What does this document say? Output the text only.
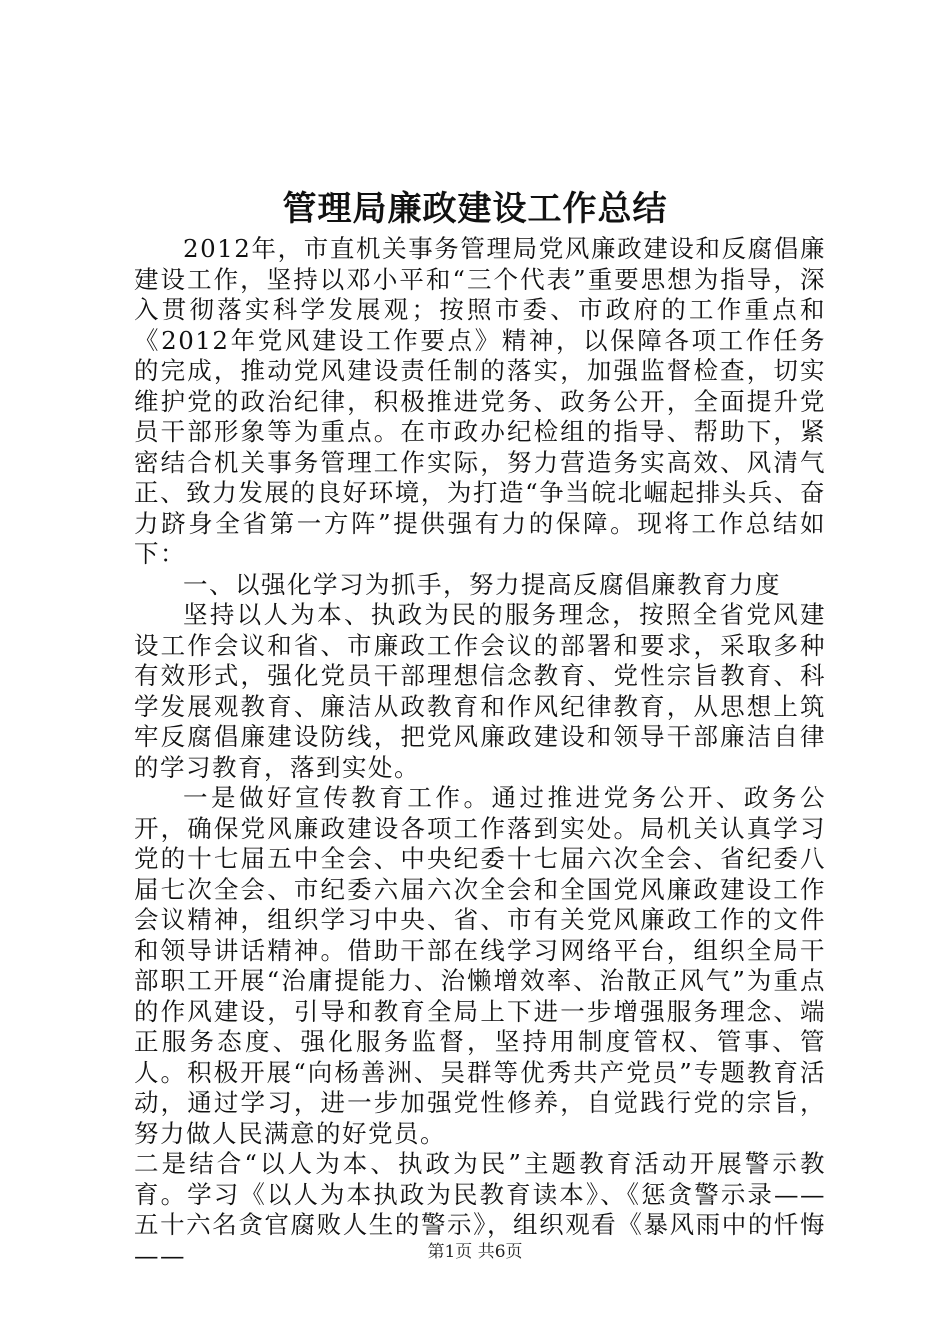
管理局廉政建设工作总结

2012年，市直机关事务管理局党风廉政建设和反腐倡廉建设工作，坚持以邓小平和“三个代表”重要思想为指导，深入贯彻落实科学发展观；按照市委、市政府的工作重点和《2012年党风建设工作要点》精神，以保障各项工作任务的完成，推动党风建设责任制的落实，加强监督检查，切实维护党的政治纪律，积极推进党务、政务公开，全面提升党员干部形象等为重点。在市政办纪检组的指导、帮助下，紧密结合机关事务管理工作实际，努力营造务实高效、风清气正、致力发展的良好环境，为打造“争当皖北崛起排头兵、奋力跻身全省第一方阵”提供强有力的保障。现将工作总结如下：

一、以强化学习为抓手，努力提高反腐倡廉教育力度

坚持以人为本、执政为民的服务理念，按照全省党风建设工作会议和省、市廉政工作会议的部署和要求，采取多种有效形式，强化党员干部理想信念教育、党性宗旨教育、科学发展观教育、廉洁从政教育和作风纪律教育，从思想上筑牢反腐倡廉建设防线，把党风廉政建设和领导干部廉洁自律的学习教育，落到实处。

一是做好宣传教育工作。通过推进党务公开、政务公开，确保党风廉政建设各项工作落到实处。局机关认真学习党的十七届五中全会、中央纪委十七届六次全会、省纪委八届七次全会、市纪委六届六次全会和全国党风廉政建设工作会议精神，组织学习中央、省、市有关党风廉政工作的文件和领导讲话精神。借助干部在线学习网络平台，组织全局干部职工开展“治庸提能力、治懒增效率、治散正风气”为重点的作风建设，引导和教育全局上下进一步增强服务理念、端正服务态度、强化服务监督，坚持用制度管权、管事、管人。积极开展“向杨善洲、吴群等优秀共产党员”专题教育活动，通过学习，进一步加强党性修养，自觉践行党的宗旨，努力做人民满意的好党员。

二是结合“以人为本、执政为民”主题教育活动开展警示教育。学习《以人为本执政为民教育读本》、《惩贪警示录——五十六名贪官腐败人生的警示》，组织观看《暴风雨中的忏悔——	第1页 共6页
